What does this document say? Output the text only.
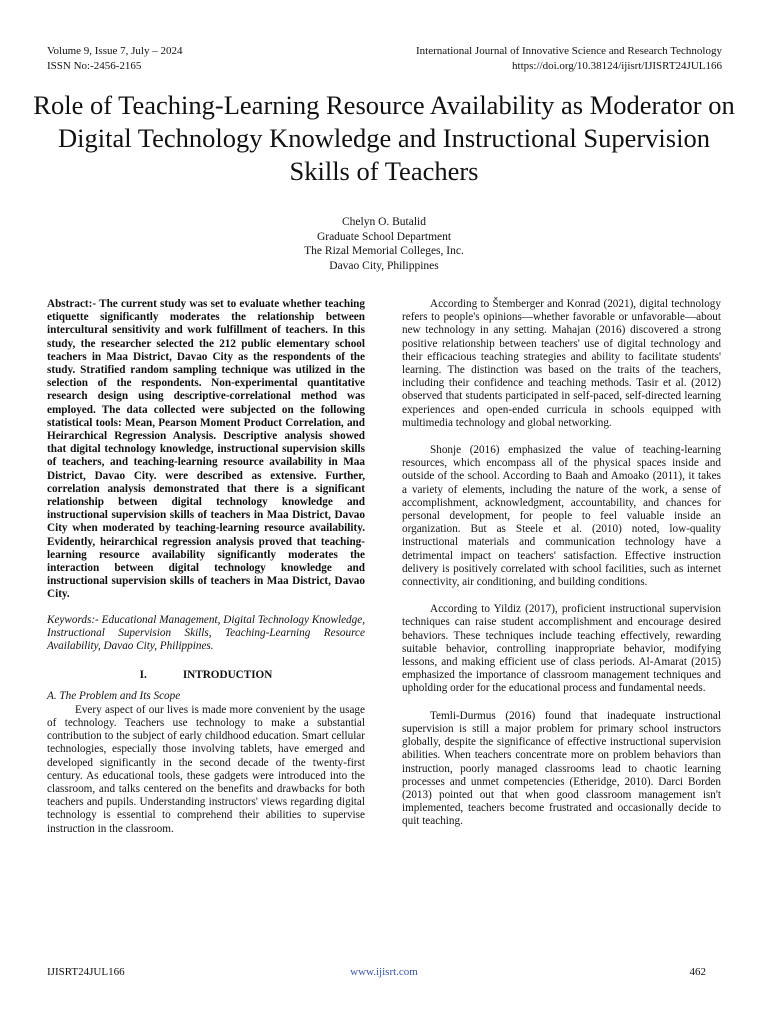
Volume 9, Issue 7, July – 2024
ISSN No:-2456-2165
International Journal of Innovative Science and Research Technology
https://doi.org/10.38124/ijisrt/IJISRT24JUL166
Role of Teaching-Learning Resource Availability as Moderator on Digital Technology Knowledge and Instructional Supervision Skills of Teachers
Chelyn O. Butalid
Graduate School Department
The Rizal Memorial Colleges, Inc.
Davao City, Philippines

Abstract:- The current study was set to evaluate whether teaching etiquette significantly moderates the relationship between intercultural sensitivity and work fulfillment of teachers. In this study, the researcher selected the 212 public elementary school teachers in Maa District, Davao City as the respondents of the study. Stratified random sampling technique was utilized in the selection of the respondents. Non-experimental quantitative research design using descriptive-correlational method was employed. The data collected were subjected on the following statistical tools: Mean, Pearson Moment Product Correlation, and Heirarchical Regression Analysis. Descriptive analysis showed that digital technology knowledge, instructional supervision skills of teachers, and teaching-learning resource availability in Maa District, Davao City. were described as extensive. Further, correlation analysis demonstrated that there is a significant relationship between digital technology knowledge and instructional supervision skills of teachers in Maa District, Davao City when moderated by teaching-learning resource availability. Evidently, heirarchical regression analysis proved that teaching-learning resource availability significantly moderates the interaction between digital technology knowledge and instructional supervision skills of teachers in Maa District, Davao City.

Keywords:- Educational Management, Digital Technology Knowledge, Instructional Supervision Skills, Teaching-Learning Resource Availability, Davao City, Philippines.

I.	INTRODUCTION

A. The Problem and Its Scope

Every aspect of our lives is made more convenient by the usage of technology. Teachers use technology to make a substantial contribution to the subject of early childhood education. Smart cellular technologies, especially those involving tablets, have emerged and developed significantly in the second decade of the twenty-first century. As educational tools, these gadgets were introduced into the classroom, and talks centered on the benefits and drawbacks for both teachers and pupils. Understanding instructors' views regarding digital technology is essential to comprehend their abilities to supervise instruction in the classroom.

According to Štemberger and Konrad (2021), digital technology refers to people's opinions—whether favorable or unfavorable—about new technology in any setting. Mahajan (2016) discovered a strong positive relationship between teachers' use of digital technology and their efficacious teaching strategies and ability to facilitate students' learning. The distinction was based on the traits of the teachers, including their confidence and teaching methods. Tasir et al. (2012) observed that students participated in self-paced, self-directed learning experiences and open-ended curricula in schools equipped with multimedia technology and global networking.

Shonje (2016) emphasized the value of teaching-learning resources, which encompass all of the physical spaces inside and outside of the school. According to Baah and Amoako (2011), it takes a variety of elements, including the nature of the work, a sense of accomplishment, acknowledgment, accountability, and chances for personal development, for people to feel valuable inside an organization. But as Steele et al. (2010) noted, low-quality instructional materials and communication technology have a detrimental impact on teachers' satisfaction. Effective instruction delivery is positively correlated with school facilities, such as internet connectivity, air conditioning, and building conditions.

According to Yildiz (2017), proficient instructional supervision techniques can raise student accomplishment and encourage desired behaviors. These techniques include teaching effectively, rewarding suitable behavior, controlling inappropriate behavior, modifying lessons, and making efficient use of class periods. Al-Amarat (2015) emphasized the importance of classroom management techniques and upholding order for the educational process and fundamental needs.

Temli-Durmus (2016) found that inadequate instructional supervision is still a major problem for primary school instructors globally, despite the significance of effective instructional supervision abilities. When teachers concentrate more on problem behaviors than instruction, poorly managed classrooms lead to chaotic learning processes and unmet competencies (Etheridge, 2010). Darci Borden (2013) pointed out that when good classroom management isn't implemented, teachers become frustrated and occasionally decide to quit teaching.

IJISRT24JUL166	www.ijisrt.com	462
